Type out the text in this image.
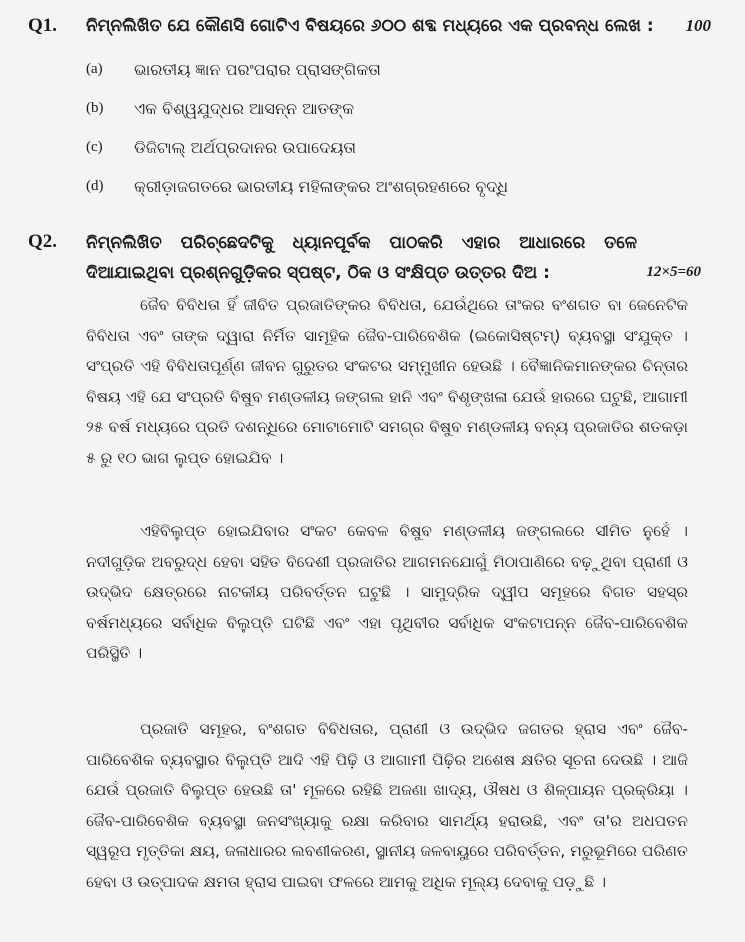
Q1.	ନିମ୍ନଲିଖିତ ଯେ କୌଣସି ଗୋଟିଏ ବିଷୟରେ ୬୦୦ ଶବ୍ଦ ମଧ୍ୟରେ ଏକ ପ୍ରବନ୍ଧ ଲେଖ :	100
(a)	ଭାରତୀୟ ଜ୍ଞାନ ପରଂପରାର ପ୍ରାସଙ୍ଗିକତା
(b)	ଏକ ବିଶ୍ୱଯୁଦ୍ଧର ଆସନ୍ନ ଆତଙ୍କ
(c)	ଡିଜିଟାଲ୍ ଅର୍ଥପ୍ରଦାନର ଉପାଦେୟତା
(d)	କ୍ରୀଡ଼ାଜଗତରେ ଭାରତୀୟ ମହିଳାଙ୍କର ଅଂଶଗ୍ରହଣରେ ବୃଦ୍ଧି
Q2.	ନିମ୍ନଲିଖିତ ପରିଚ୍ଛେଦଟିକୁ ଧ୍ୟାନପୂର୍ବକ ପାଠକରି ଏହାର ଆଧାରରେ ତଳେ ଦିଆଯାଇଥିବା ପ୍ରଶ୍ନଗୁଡ଼ିକର ସ୍ପଷ୍ଟ, ଠିକ ଓ ସଂକ୍ଷିପ୍ତ ଉତ୍ତର ଦିଅ :	12×5=60

ଜୈବ ବିବିଧତା ହିଁ ଜୀବିତ ପ୍ରଜାତିଙ୍କର ବିବିଧତା, ଯେଉଁଥିରେ ତାଂକର ବଂଶଗତ ବା ଜେନେଟିକ ବିବିଧତା ଏବଂ ତାଙ୍କ ଦ୍ୱାରା ନିର୍ମିତ ସାମୂହିକ ଜୈବ-ପାରିବେଶିକ (ଇକୋସିଷ୍ଟମ୍) ବ୍ୟବସ୍ଥା ସଂଯୁକ୍ତ । ସଂପ୍ରତି ଏହି ବିବିଧତାପୂର୍ଣ୍ଣ ଜୀବନ ଗୁରୁତର ସଂକଟର ସମ୍ମୁଖୀନ ହେଉଛି । ବୈଜ୍ଞାନିକମାନଙ୍କର ଚିନ୍ତାର ବିଷୟ ଏହି ଯେ ସଂପ୍ରତି ବିଷୁବ ମଣ୍ଡଳୀୟ ଜଙ୍ଗଲ ହାନି ଏବଂ ବିଶୃଙ୍ଖଳା ଯେଉଁ ହାରରେ ଘଟୁଛି, ଆଗାମୀ ୨୫ ବର୍ଷ ମଧ୍ୟରେ ପ୍ରତି ଦଶନ୍ଧିରେ ମୋଟାମୋଟି ସମଗ୍ର ବିଷୁବ ମଣ୍ଡଳୀୟ ବନ୍ୟ ପ୍ରଜାତିର ଶତକଡ଼ା ୫ ରୁ ୧୦ ଭାଗ ଲୁପ୍ତ ହୋଇଯିବ ।

ଏହିବିଲୁପ୍ତ ହୋଇଯିବାର ସଂକଟ କେବଳ ବିଷୁବ ମଣ୍ଡଳୀୟ ଜଙ୍ଗଲରେ ସୀମିତ ନୁହେଁ । ନଦୀଗୁଡ଼ିକ ଅବରୁଦ୍ଧ ହେବା ସହିତ ବିଦେଶୀ ପ୍ରଜାତିର ଆଗମନଯୋଗୁଁ ମିଠାପାଣିରେ ବଢ଼ୁଥିବା ପ୍ରାଣୀ ଓ ଉଦ୍ଭିଦ କ୍ଷେତ୍ରରେ ନାଟକୀୟ ପରିବର୍ତ୍ତନ ଘଟୁଛି । ସାମୁଦ୍ରିକ ଦ୍ୱୀପ ସମୂହରେ ବିଗତ ସହସ୍ର ବର୍ଷମଧ୍ୟରେ ସର୍ବାଧିକ ବିଲୁପ୍ତି ଘଟିଛି ଏବଂ ଏହା ପୃଥିବୀର ସର୍ବାଧିକ ସଂକଟାପନ୍ନ ଜୈବ-ପାରିବେଶିକ ପରିସ୍ଥିତି ।

ପ୍ରଜାତି ସମୂହର, ବଂଶଗତ ବିବିଧତାର, ପ୍ରାଣୀ ଓ ଉଦ୍ଭିଦ ଜଗତର ହ୍ରାସ ଏବଂ ଜୈବ-ପାରିବେଶିକ ବ୍ୟବସ୍ଥାର ବିଲୁପ୍ତି ଆଦି ଏହି ପିଢ଼ି ଓ ଆଗାମୀ ପିଢ଼ିର ଅଶେଷ କ୍ଷତିର ସୂଚନା ଦେଉଛି । ଆଜି ଯେଉଁ ପ୍ରଜାତି ବିଲୁପ୍ତ ହେଉଛି ତା' ମୂଳରେ ରହିଛି ଅଜଣା ଖାଦ୍ୟ, ଔଷଧ ଓ ଶିଳ୍ପାୟନ ପ୍ରକ୍ରିୟା । ଜୈବ-ପାରିବେଶିକ ବ୍ୟବସ୍ଥା ଜନସଂଖ୍ୟାକୁ ରକ୍ଷା କରିବାର ସାମର୍ଥ୍ୟ ହରାଉଛି, ଏବଂ ତା'ର ଅଧପତନ ସ୍ୱରୂପ ମୃତ୍ତିକା କ୍ଷୟ, ଜଳାଧାରର ଲବଣୀକରଣ, ସ୍ଥାନୀୟ ଜଳବାୟୁରେ ପରିବର୍ତ୍ତନ, ମରୁଭୂମିରେ ପରିଣତ ହେବା ଓ ଉତ୍ପାଦକ କ୍ଷମତା ହ୍ରାସ ପାଇବା ଫଳରେ ଆମକୁ ଅଧିକ ମୂଲ୍ୟ ଦେବାକୁ ପଡ଼ୁଛି ।
